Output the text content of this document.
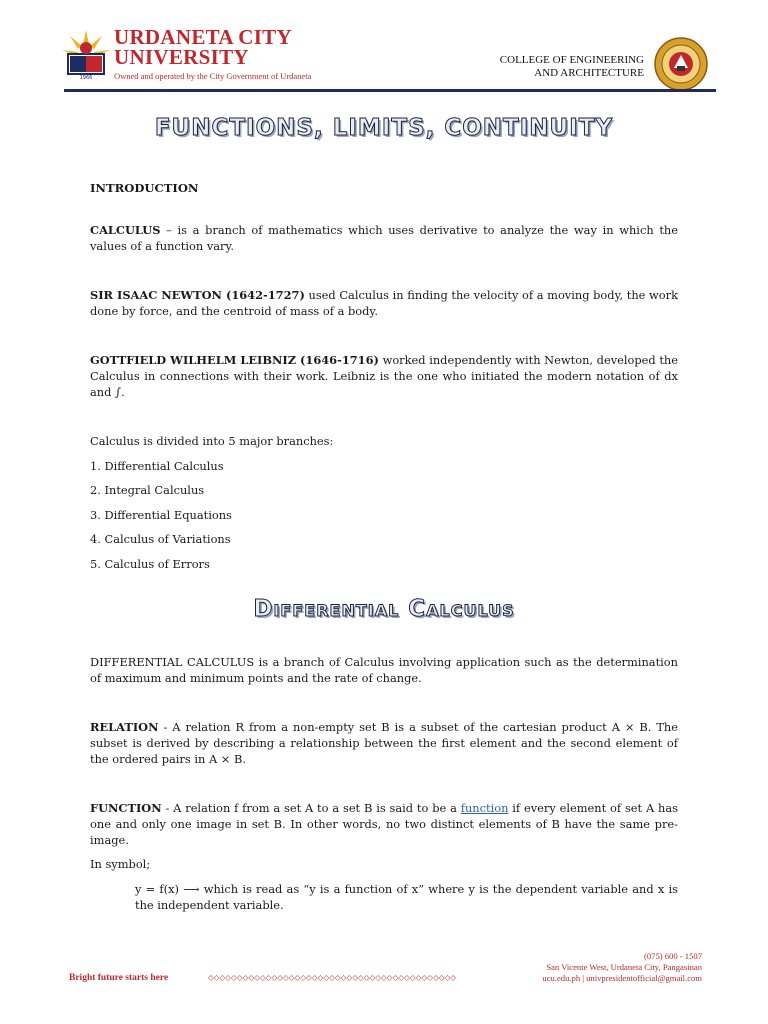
1966
URDANETA CITY
UNIVERSITY
Owned and operated by the City Government of Urdaneta
COLLEGE OF ENGINEERING
AND ARCHITECTURE
FUNCTIONS, LIMITS, CONTINUITY
INTRODUCTION
CALCULUS – is a branch of mathematics which uses derivative to analyze the way in which the values of a function vary.
SIR ISAAC NEWTON (1642-1727) used Calculus in finding the velocity of a moving body, the work done by force, and the centroid of mass of a body.
GOTTFIELD WILHELM LEIBNIZ (1646-1716) worked independently with Newton, developed the Calculus in connections with their work. Leibniz is the one who initiated the modern notation of dx and ∫.
Calculus is divided into 5 major branches:
1. Differential Calculus
2. Integral Calculus
3. Differential Equations
4. Calculus of Variations
5. Calculus of Errors
Differential Calculus
DIFFERENTIAL CALCULUS is a branch of Calculus involving application such as the determination of maximum and minimum points and the rate of change.
RELATION - A relation R from a non-empty set B is a subset of the cartesian product A × B. The subset is derived by describing a relationship between the first element and the second element of the ordered pairs in A × B.
FUNCTION - A relation f from a set A to a set B is said to be a function if every element of set A has one and only one image in set B. In other words, no two distinct elements of B have the same pre-image.
In symbol;
y = f(x) ⟶ which is read as “y is a function of x” where y is the dependent variable and x is the independent variable.
Bright future starts here	◇◇◇◇◇◇◇◇◇◇◇◇◇◇◇◇◇◇◇◇◇◇◇◇◇◇◇◇◇◇◇◇◇◇◇◇◇◇◇◇◇◇◇
(075) 600 - 1507
San Vicente West, Urdaneta City, Pangasinan
ucu.edu.ph | univpresidentofficial@gmail.com
